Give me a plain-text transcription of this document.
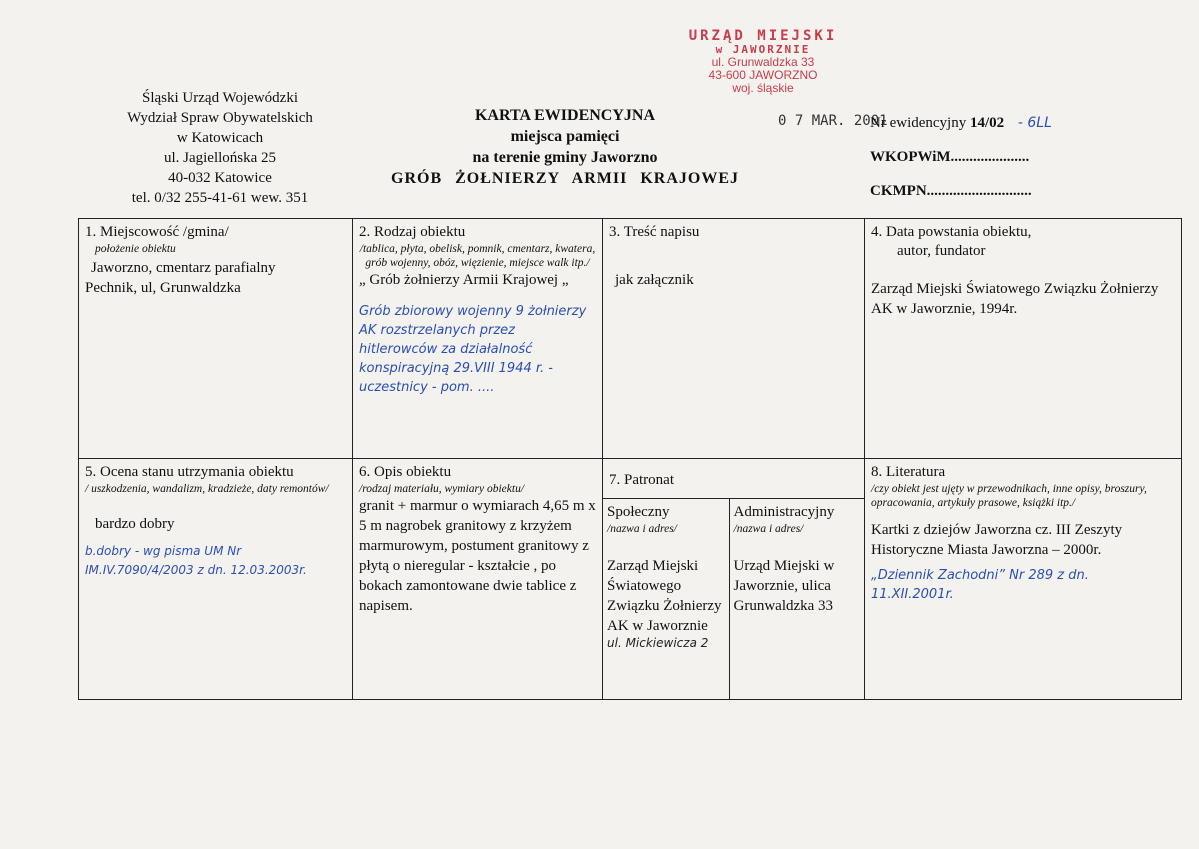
URZĄD MIEJSKI
w JAWORZNIE
ul. Grunwaldzka 33
43-600 JAWORZNO
woj. śląskie
0 7 MAR. 2001
Śląski Urząd Wojewódzki
Wydział Spraw Obywatelskich
w Katowicach
ul. Jagiellońska 25
40-032 Katowice
tel. 0/32 255-41-61 wew. 351
KARTA EWIDENCYJNA
miejsca pamięci
na terenie gminy Jaworzno
GRÓB ŻOŁNIERZY ARMII KRAJOWEJ
Nr ewidencyjny 14/02 - 6LL
WKOPWiM.....................
CKMPN............................
1. Miejscowość /gmina/
położenie obiektu
Jaworzno, cmentarz parafialny
Pechnik, ul, Grunwaldzka

2. Rodzaj obiektu
/tablica, płyta, obelisk, pomnik, cmentarz, kwatera, grób wojenny, obóz, więzienie, miejsce walk itp./
„ Grób żołnierzy Armii Krajowej „
Grób zbiorowy wojenny 9 żołnierzy AK rozstrzelanych przez hitlerowców za działalność konspiracyjną 29.VIII 1944 r. - uczestnicy - pom. ....

3. Treść napisu
jak załącznik

4. Data powstania obiektu,
autor, fundator
Zarząd Miejski Światowego Związku Żołnierzy AK w Jaworznie, 1994r.

5. Ocena stanu utrzymania obiektu
/ uszkodzenia, wandalizm, kradzieże, daty remontów/
bardzo dobry
b.dobry - wg pisma UM Nr IM.IV.7090/4/2003 z dn. 12.03.2003r.

6. Opis obiektu
/rodzaj materiału, wymiary obiektu/
granit + marmur o wymiarach 4,65 m x 5 m nagrobek granitowy z krzyżem marmurowym, postument granitowy z płytą o nieregular - kształcie , po bokach zamontowane dwie tablice z napisem.

7. Patronat
Społeczny
/nazwa i adres/
Zarząd Miejski Światowego Związku Żołnierzy AK w Jaworznie
ul. Mickiewicza 2

Administracyjny
/nazwa i adres/
Urząd Miejski w Jaworznie, ulica Grunwaldzka 33

8. Literatura
/czy obiekt jest ujęty w przewodnikach, inne opisy, broszury, opracowania, artykuły prasowe, książki itp./
Kartki z dziejów Jaworzna cz. III Zeszyty Historyczne Miasta Jaworzna – 2000r.
„Dziennik Zachodni” Nr 289 z dn. 11.XII.2001r.
